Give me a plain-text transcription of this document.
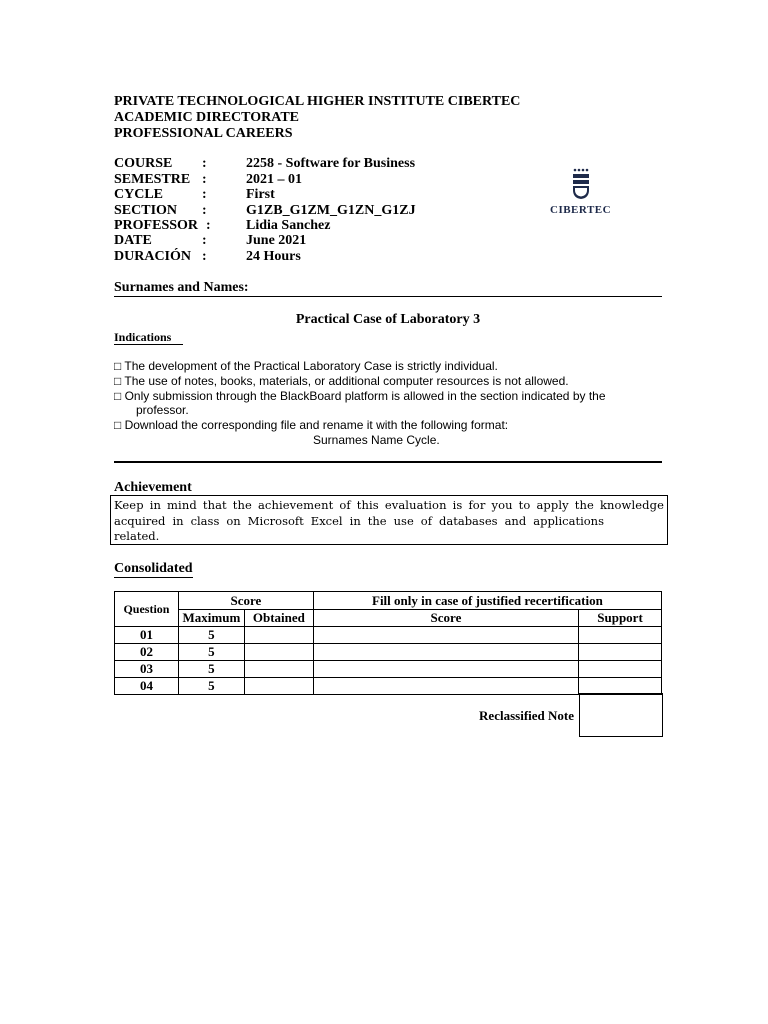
PRIVATE TECHNOLOGICAL HIGHER INSTITUTE CIBERTEC
ACADEMIC DIRECTORATE
PROFESSIONAL CAREERS
COURSE :	2258 - Software for Business
SEMESTRE :	2021 – 01
CYCLE	:	First
SECTION :	G1ZB_G1ZM_G1ZN_G1ZJ
PROFESSOR :	Lidia Sanchez
DATE	:	June 2021
DURACIÓN :	24 Hours
CIBERTEC
Surnames and Names:
Practical Case of Laboratory 3
Indications
□ The development of the Practical Laboratory Case is strictly individual.
□ The use of notes, books, materials, or additional computer resources is not allowed.
□ Only submission through the BlackBoard platform is allowed in the section indicated by the
professor.
□ Download the corresponding file and rename it with the following format:
Surnames Name Cycle.
Achievement
Keep in mind that the achievement of this evaluation is for you to apply the knowledge
acquired in class on Microsoft Excel in the use of databases and applications
related.
Consolidated
Question	Score		Fill only in case of justified recertification	
	Maximum	Obtained	Score	Support
01	5			
02	5			
03	5			
04	5			
Reclassified Note
